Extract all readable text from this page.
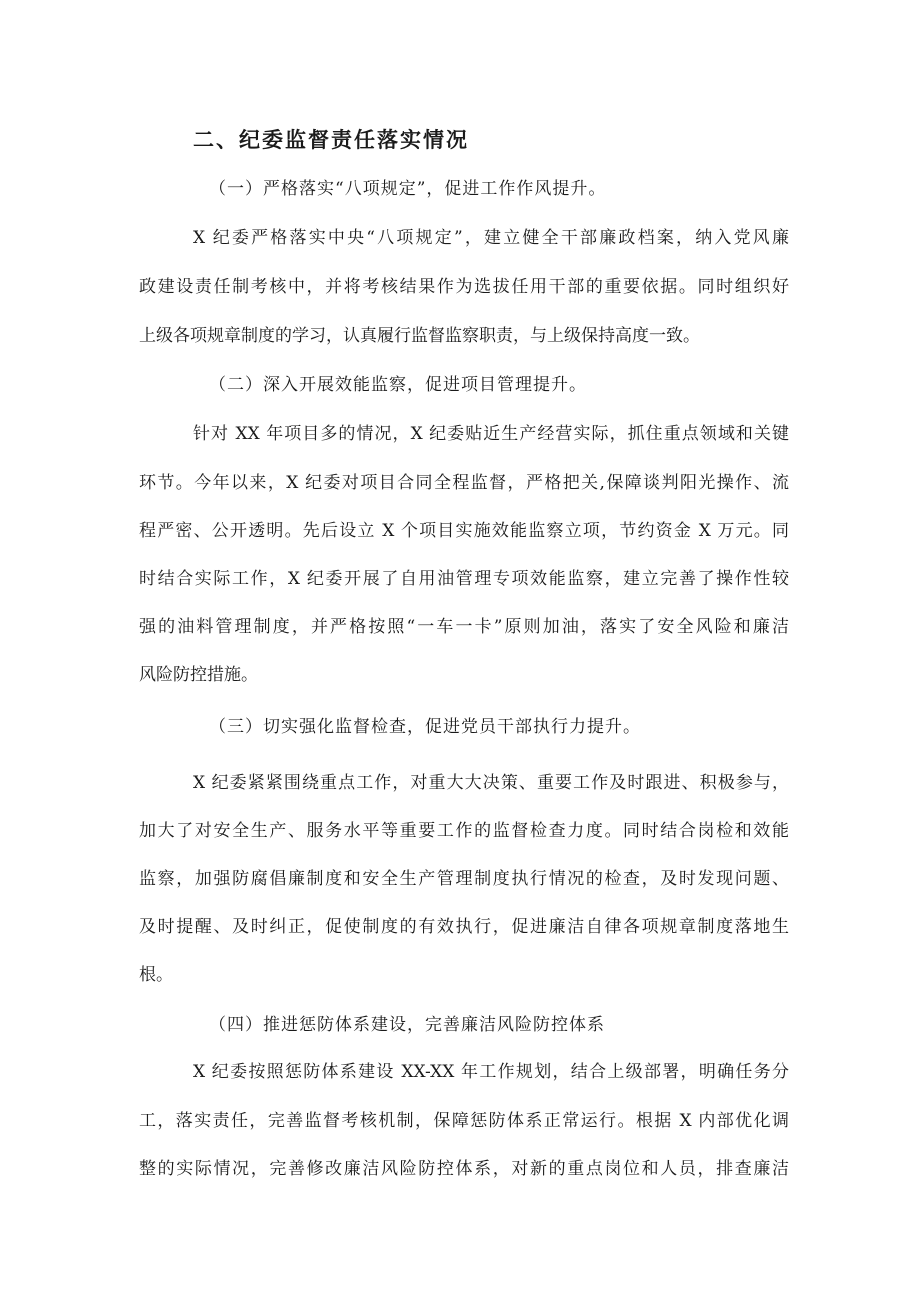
二、纪委监督责任落实情况
（一）严格落实“八项规定”，促进工作作风提升。
X 纪委严格落实中央“八项规定”，建立健全干部廉政档案，纳入党风廉
政建设责任制考核中，并将考核结果作为选拔任用干部的重要依据。同时组织好
上级各项规章制度的学习，认真履行监督监察职责，与上级保持高度一致。
（二）深入开展效能监察，促进项目管理提升。
针对 XX 年项目多的情况，X 纪委贴近生产经营实际，抓住重点领域和关键
环节。今年以来，X 纪委对项目合同全程监督，严格把关,保障谈判阳光操作、流
程严密、公开透明。先后设立 X 个项目实施效能监察立项，节约资金 X 万元。同
时结合实际工作，X 纪委开展了自用油管理专项效能监察，建立完善了操作性较
强的油料管理制度，并严格按照“一车一卡”原则加油，落实了安全风险和廉洁
风险防控措施。
（三）切实强化监督检查，促进党员干部执行力提升。
X 纪委紧紧围绕重点工作，对重大大决策、重要工作及时跟进、积极参与，
加大了对安全生产、服务水平等重要工作的监督检查力度。同时结合岗检和效能
监察，加强防腐倡廉制度和安全生产管理制度执行情况的检查，及时发现问题、
及时提醒、及时纠正，促使制度的有效执行，促进廉洁自律各项规章制度落地生
根。
（四）推进惩防体系建设，完善廉洁风险防控体系
X 纪委按照惩防体系建设 XX-XX 年工作规划，结合上级部署，明确任务分
工，落实责任，完善监督考核机制，保障惩防体系正常运行。根据 X 内部优化调
整的实际情况，完善修改廉洁风险防控体系，对新的重点岗位和人员，排查廉洁
